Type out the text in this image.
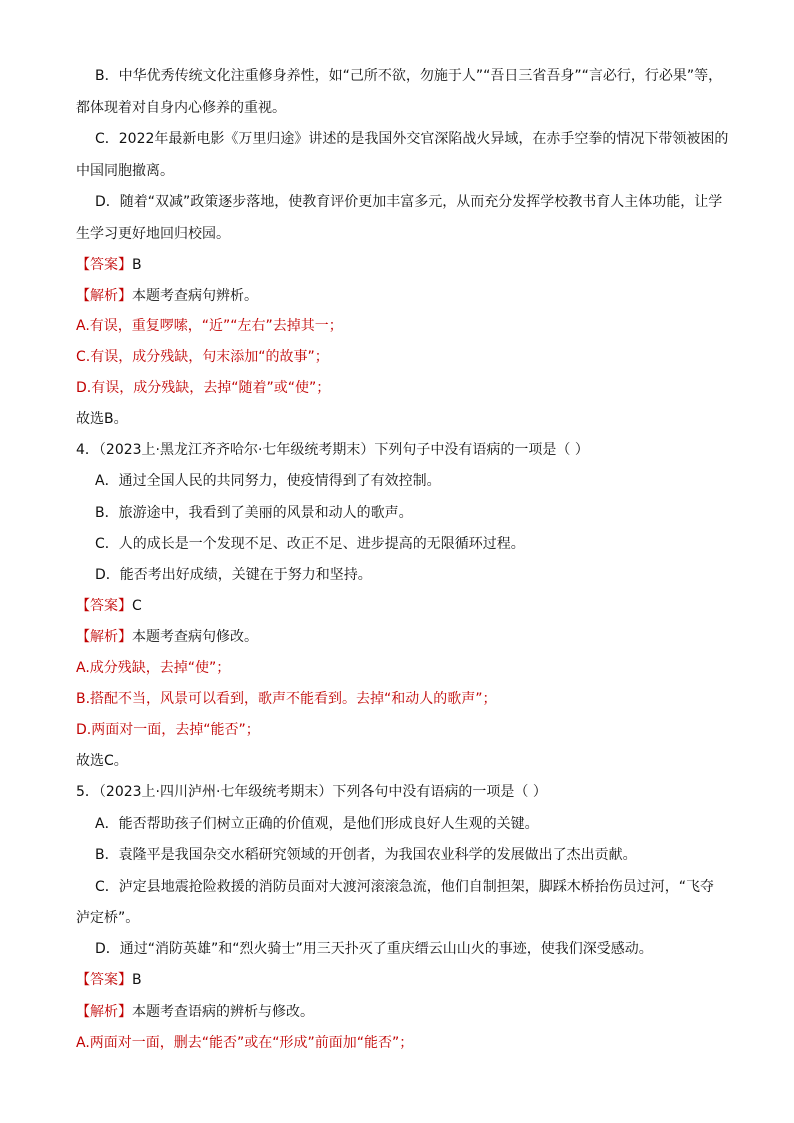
B．中华优秀传统文化注重修身养性，如“己所不欲，勿施于人”“吾日三省吾身”“言必行，行必果”等，
都体现着对自身内心修养的重视。
C．2022年最新电影《万里归途》讲述的是我国外交官深陷战火异域，在赤手空拳的情况下带领被困的
中国同胞撤离。
D．随着“双减”政策逐步落地，使教育评价更加丰富多元，从而充分发挥学校教书育人主体功能，让学
生学习更好地回归校园。
【答案】B
【解析】本题考查病句辨析。
A.有误，重复啰嗦，“近”“左右”去掉其一；
C.有误，成分残缺，句末添加“的故事”；
D.有误，成分残缺，去掉“随着”或“使”；
故选B。
4．（2023上·黑龙江齐齐哈尔·七年级统考期末）下列句子中没有语病的一项是（ ）
A．通过全国人民的共同努力，使疫情得到了有效控制。
B．旅游途中，我看到了美丽的风景和动人的歌声。
C．人的成长是一个发现不足、改正不足、进步提高的无限循环过程。
D．能否考出好成绩，关键在于努力和坚持。
【答案】C
【解析】本题考查病句修改。
A.成分残缺，去掉“使”；
B.搭配不当，风景可以看到，歌声不能看到。去掉“和动人的歌声”；
D.两面对一面，去掉“能否”；
故选C。
5．（2023上·四川泸州·七年级统考期末）下列各句中没有语病的一项是（ ）
A．能否帮助孩子们树立正确的价值观，是他们形成良好人生观的关键。
B．袁隆平是我国杂交水稻研究领域的开创者，为我国农业科学的发展做出了杰出贡献。
C．泸定县地震抢险救援的消防员面对大渡河滚滚急流，他们自制担架，脚踩木桥抬伤员过河，“飞夺
泸定桥”。
D．通过“消防英雄”和“烈火骑士”用三天扑灭了重庆缙云山山火的事迹，使我们深受感动。
【答案】B
【解析】本题考查语病的辨析与修改。
A.两面对一面，删去“能否”或在“形成”前面加“能否”；
